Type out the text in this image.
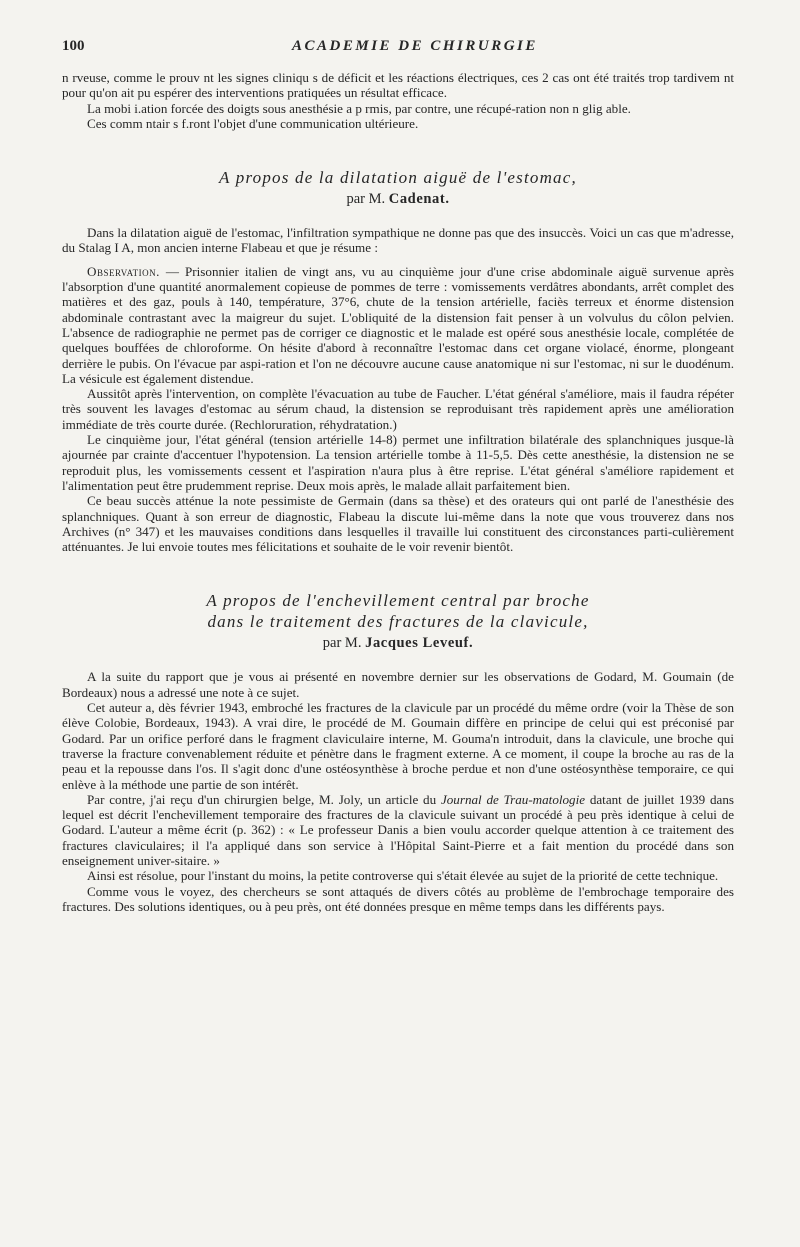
100	ACADEMIE DE CHIRURGIE

n rveuse, comme le prouv nt les signes cliniqu s de déficit et les réactions électriques, ces 2 cas ont été traités trop tardivem nt pour qu'on ait pu espérer des interventions pratiquées un résultat efficace.

La mobi i.ation forcée des doigts sous anesthésie a p rmis, par contre, une récupé-ration non n glig able.

Ces comm ntair s f.ront l'objet d'une communication ultérieure.

A propos de la dilatation aiguë de l'estomac,
par M. Cadenat.

Dans la dilatation aiguë de l'estomac, l'infiltration sympathique ne donne pas que des insuccès. Voici un cas que m'adresse, du Stalag I A, mon ancien interne Flabeau et que je résume :

Observation. — Prisonnier italien de vingt ans, vu au cinquième jour d'une crise abdominale aiguë survenue après l'absorption d'une quantité anormalement copieuse de pommes de terre : vomissements verdâtres abondants, arrêt complet des matières et des gaz, pouls à 140, température, 37°6, chute de la tension artérielle, faciès terreux et énorme distension abdominale contrastant avec la maigreur du sujet. L'obliquité de la distension fait penser à un volvulus du côlon pelvien. L'absence de radiographie ne permet pas de corriger ce diagnostic et le malade est opéré sous anesthésie locale, complétée de quelques bouffées de chloroforme. On hésite d'abord à reconnaître l'estomac dans cet organe violacé, énorme, plongeant derrière le pubis. On l'évacue par aspi-ration et l'on ne découvre aucune cause anatomique ni sur l'estomac, ni sur le duodénum. La vésicule est également distendue.

Aussitôt après l'intervention, on complète l'évacuation au tube de Faucher. L'état général s'améliore, mais il faudra répéter très souvent les lavages d'estomac au sérum chaud, la distension se reproduisant très rapidement après une amélioration immédiate de très courte durée. (Rechloruration, réhydratation.)

Le cinquième jour, l'état général (tension artérielle 14-8) permet une infiltration bilatérale des splanchniques jusque-là ajournée par crainte d'accentuer l'hypotension. La tension artérielle tombe à 11-5,5. Dès cette anesthésie, la distension ne se reproduit plus, les vomissements cessent et l'aspiration n'aura plus à être reprise. L'état général s'améliore rapidement et l'alimentation peut être prudemment reprise. Deux mois après, le malade allait parfaitement bien.

Ce beau succès atténue la note pessimiste de Germain (dans sa thèse) et des orateurs qui ont parlé de l'anesthésie des splanchniques. Quant à son erreur de diagnostic, Flabeau la discute lui-même dans la note que vous trouverez dans nos Archives (n° 347) et les mauvaises conditions dans lesquelles il travaille lui constituent des circonstances parti-culièrement atténuantes. Je lui envoie toutes mes félicitations et souhaite de le voir revenir bientôt.

A propos de l'enchevillement central par broche
dans le traitement des fractures de la clavicule,
par M. Jacques Leveuf.

A la suite du rapport que je vous ai présenté en novembre dernier sur les observations de Godard, M. Goumain (de Bordeaux) nous a adressé une note à ce sujet.

Cet auteur a, dès février 1943, embroché les fractures de la clavicule par un procédé du même ordre (voir la Thèse de son élève Colobie, Bordeaux, 1943). A vrai dire, le procédé de M. Goumain diffère en principe de celui qui est préconisé par Godard. Par un orifice perforé dans le fragment claviculaire interne, M. Gouma'n introduit, dans la clavicule, une broche qui traverse la fracture convenablement réduite et pénètre dans le fragment externe. A ce moment, il coupe la broche au ras de la peau et la repousse dans l'os. Il s'agit donc d'une ostéosynthèse à broche perdue et non d'une ostéosynthèse temporaire, ce qui enlève à la méthode une partie de son intérêt.

Par contre, j'ai reçu d'un chirurgien belge, M. Joly, un article du Journal de Trau-matologie datant de juillet 1939 dans lequel est décrit l'enchevillement temporaire des fractures de la clavicule suivant un procédé à peu près identique à celui de Godard. L'auteur a même écrit (p. 362) : « Le professeur Danis a bien voulu accorder quelque attention à ce traitement des fractures claviculaires; il l'a appliqué dans son service à l'Hôpital Saint-Pierre et a fait mention du procédé dans son enseignement univer-sitaire. »

Ainsi est résolue, pour l'instant du moins, la petite controverse qui s'était élevée au sujet de la priorité de cette technique.

Comme vous le voyez, des chercheurs se sont attaqués de divers côtés au problème de l'embrochage temporaire des fractures. Des solutions identiques, ou à peu près, ont été données presque en même temps dans les différents pays.
